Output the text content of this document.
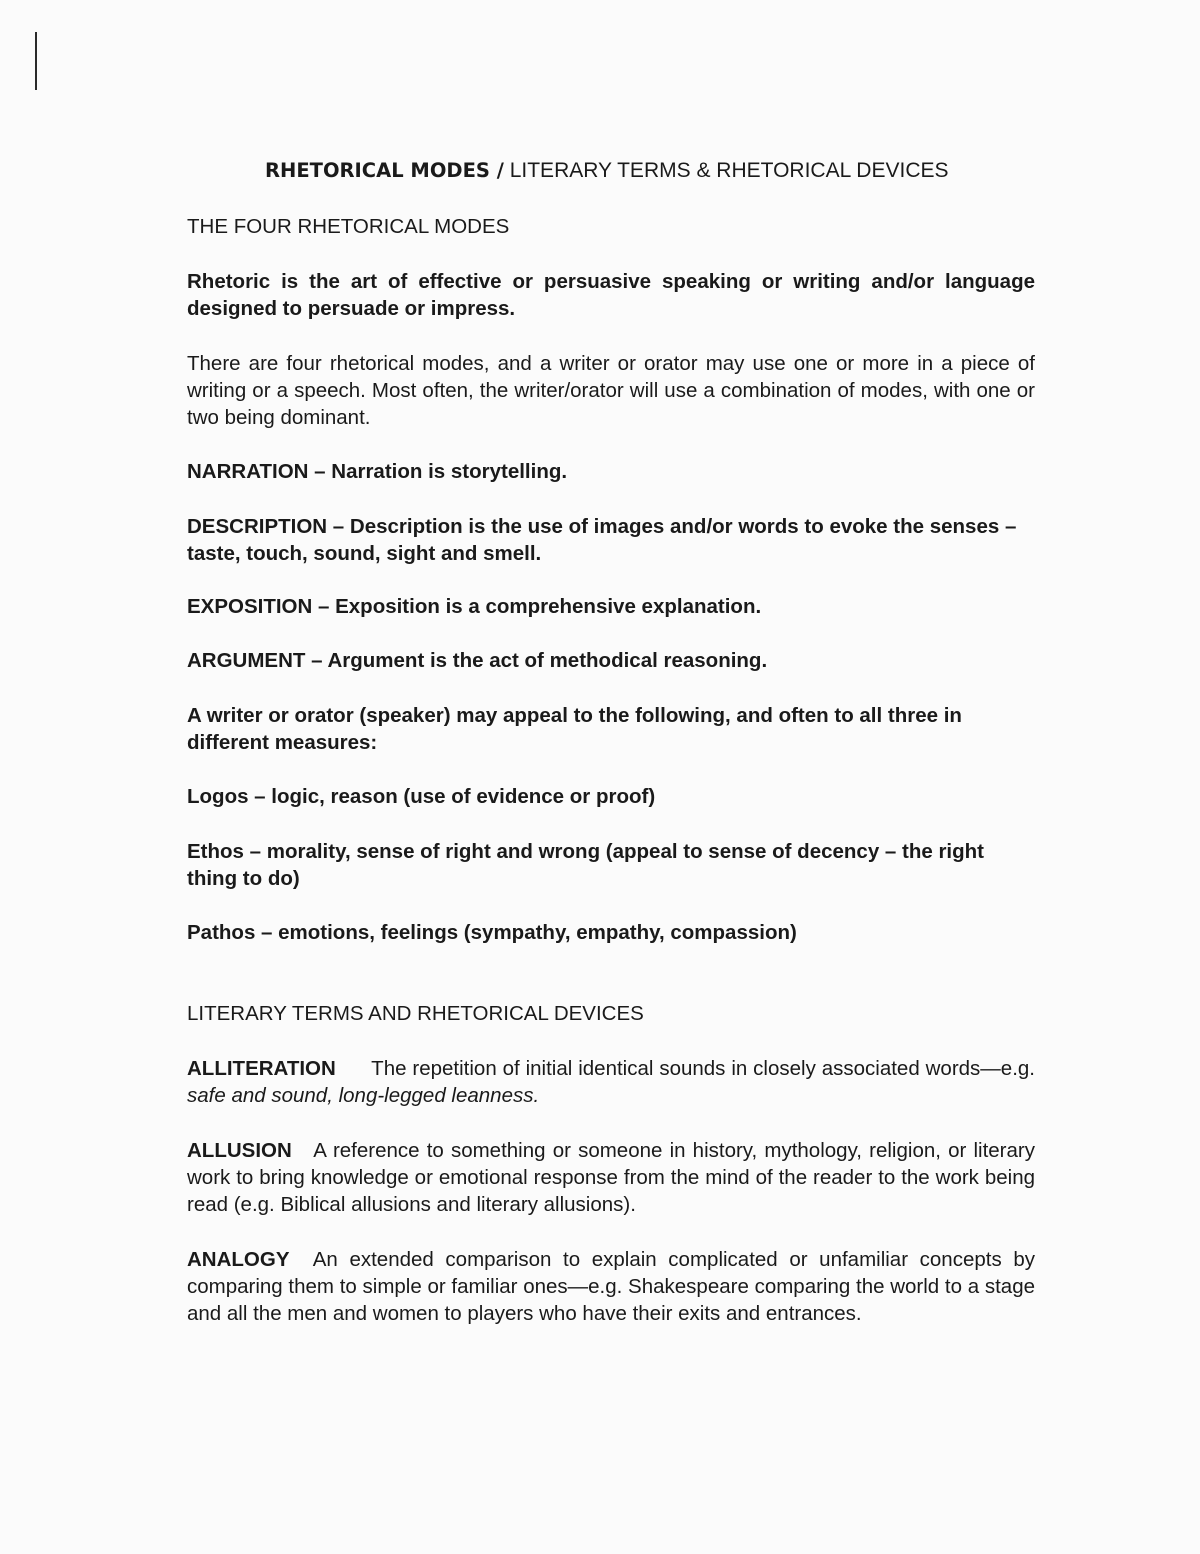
RHETORICAL MODES / LITERARY TERMS & RHETORICAL DEVICES
THE FOUR RHETORICAL MODES
Rhetoric is the art of effective or persuasive speaking or writing and/or language designed to persuade or impress.
There are four rhetorical modes, and a writer or orator may use one or more in a piece of writing or a speech. Most often, the writer/orator will use a combination of modes, with one or two being dominant.
NARRATION – Narration is storytelling.
DESCRIPTION – Description is the use of images and/or words to evoke the senses – taste, touch, sound, sight and smell.
EXPOSITION – Exposition is a comprehensive explanation.
ARGUMENT – Argument is the act of methodical reasoning.
A writer or orator (speaker) may appeal to the following, and often to all three in different measures:
Logos – logic, reason (use of evidence or proof)
Ethos – morality, sense of right and wrong (appeal to sense of decency – the right thing to do)
Pathos – emotions, feelings (sympathy, empathy, compassion)
LITERARY TERMS AND RHETORICAL DEVICES
ALLITERATION The repetition of initial identical sounds in closely associated words—e.g. safe and sound, long-legged leanness.
ALLUSION A reference to something or someone in history, mythology, religion, or literary work to bring knowledge or emotional response from the mind of the reader to the work being read (e.g. Biblical allusions and literary allusions).
ANALOGY An extended comparison to explain complicated or unfamiliar concepts by comparing them to simple or familiar ones—e.g. Shakespeare comparing the world to a stage and all the men and women to players who have their exits and entrances.
